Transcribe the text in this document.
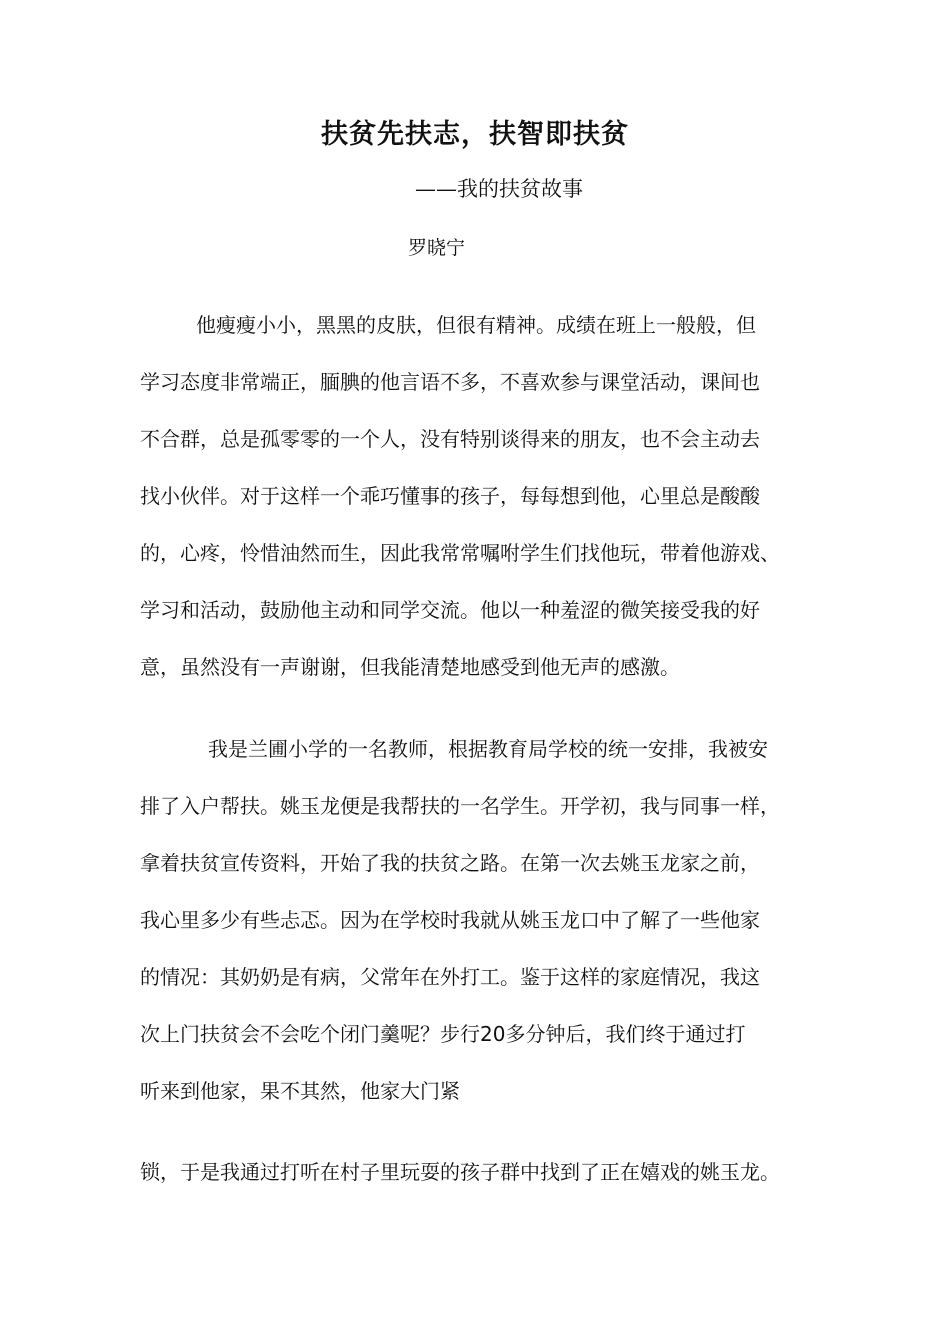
扶贫先扶志，扶智即扶贫
——我的扶贫故事
罗晓宁
他瘦瘦小小，黑黑的皮肤，但很有精神。成绩在班上一般般，但
学习态度非常端正，腼腆的他言语不多，不喜欢参与课堂活动，课间也
不合群，总是孤零零的一个人，没有特别谈得来的朋友，也不会主动去
找小伙伴。对于这样一个乖巧懂事的孩子，每每想到他，心里总是酸酸
的，心疼，怜惜油然而生，因此我常常嘱咐学生们找他玩，带着他游戏、
学习和活动，鼓励他主动和同学交流。他以一种羞涩的微笑接受我的好
意，虽然没有一声谢谢，但我能清楚地感受到他无声的感激。
我是兰圃小学的一名教师，根据教育局学校的统一安排，我被安
排了入户帮扶。姚玉龙便是我帮扶的一名学生。开学初，我与同事一样，
拿着扶贫宣传资料，开始了我的扶贫之路。在第一次去姚玉龙家之前，
我心里多少有些忐忑。因为在学校时我就从姚玉龙口中了解了一些他家
的情况：其奶奶是有病，父常年在外打工。鉴于这样的家庭情况，我这
次上门扶贫会不会吃个闭门羹呢？步行20多分钟后，我们终于通过打
听来到他家，果不其然，他家大门紧
锁，于是我通过打听在村子里玩耍的孩子群中找到了正在嬉戏的姚玉龙。
